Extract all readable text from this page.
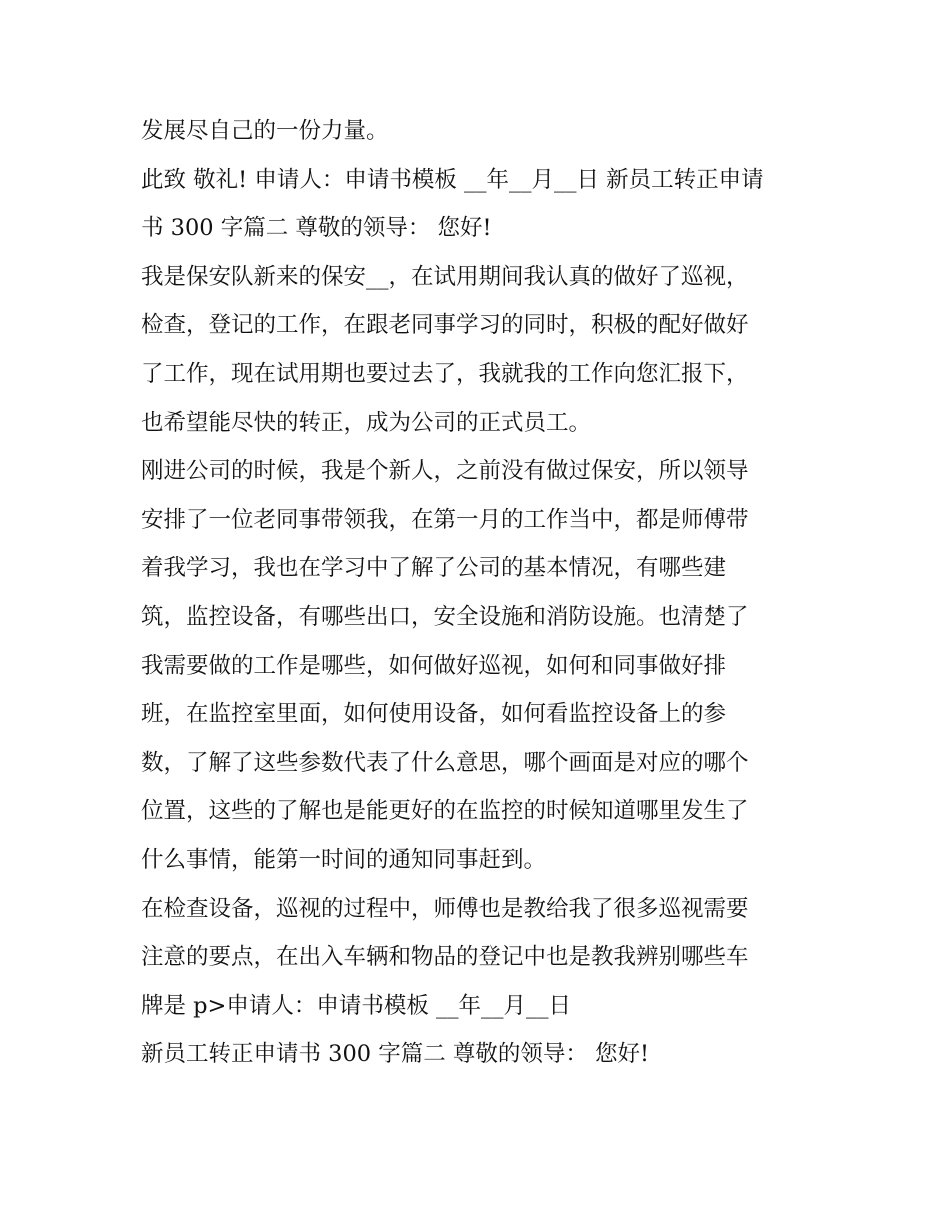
发展尽自己的一份力量。
此致 敬礼! 申请人：申请书模板 __年__月__日 新员工转正申请
书 300 字篇二 尊敬的领导： 您好!
我是保安队新来的保安__，在试用期间我认真的做好了巡视，
检查，登记的工作，在跟老同事学习的同时，积极的配好做好
了工作，现在试用期也要过去了，我就我的工作向您汇报下，
也希望能尽快的转正，成为公司的正式员工。
刚进公司的时候，我是个新人，之前没有做过保安，所以领导
安排了一位老同事带领我，在第一月的工作当中，都是师傅带
着我学习，我也在学习中了解了公司的基本情况，有哪些建
筑，监控设备，有哪些出口，安全设施和消防设施。也清楚了
我需要做的工作是哪些，如何做好巡视，如何和同事做好排
班，在监控室里面，如何使用设备，如何看监控设备上的参
数，了解了这些参数代表了什么意思，哪个画面是对应的哪个
位置，这些的了解也是能更好的在监控的时候知道哪里发生了
什么事情，能第一时间的通知同事赶到。
在检查设备，巡视的过程中，师傅也是教给我了很多巡视需要
注意的要点，在出入车辆和物品的登记中也是教我辨别哪些车
牌是 p>申请人：申请书模板 __年__月__日
新员工转正申请书 300 字篇二 尊敬的领导： 您好!
